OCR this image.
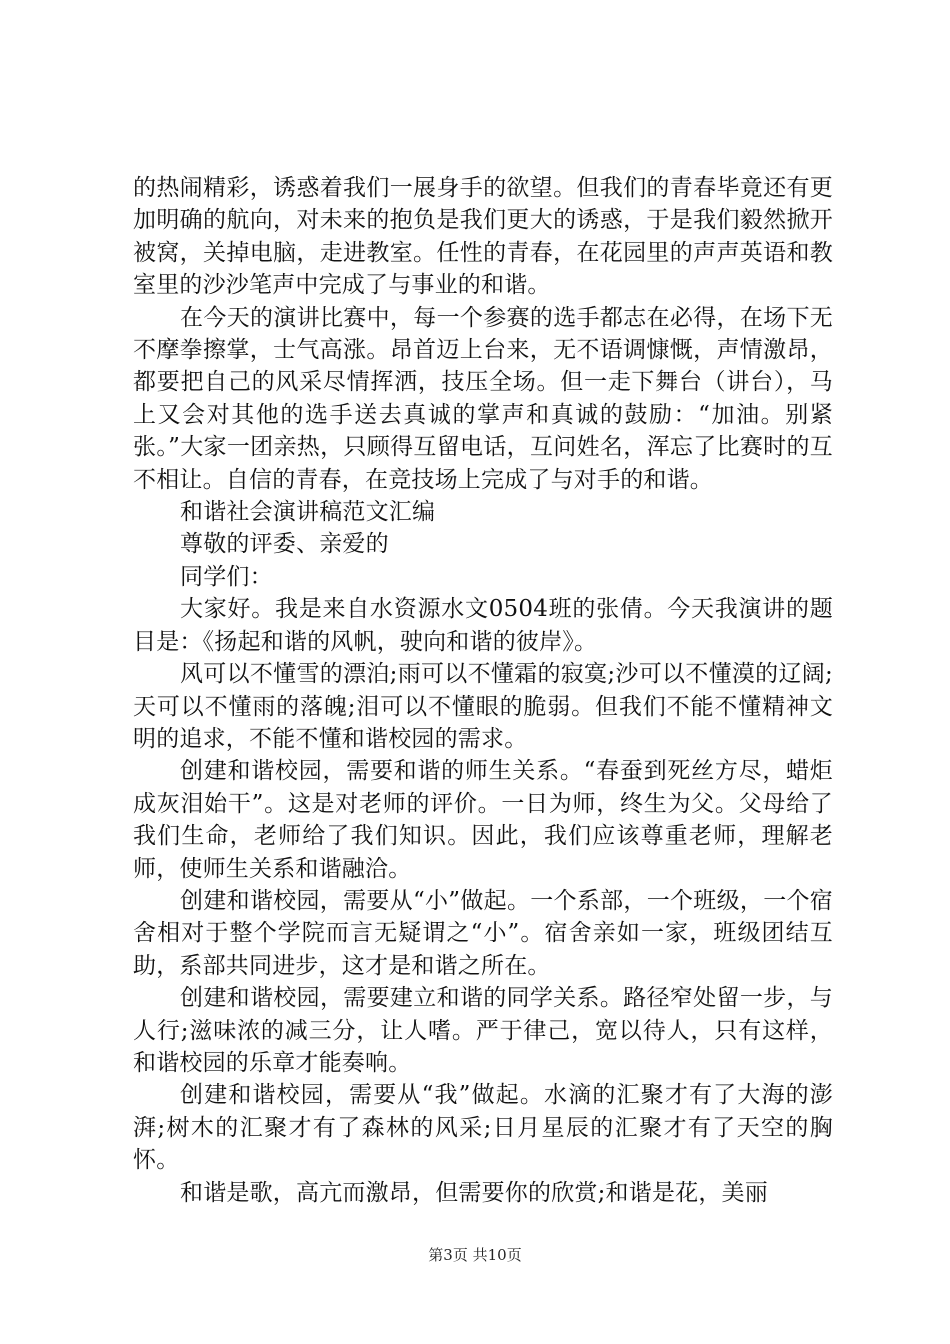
的热闹精彩，诱惑着我们一展身手的欲望。但我们的青春毕竟还有更加明确的航向，对未来的抱负是我们更大的诱惑，于是我们毅然掀开被窝，关掉电脑，走进教室。任性的青春，在花园里的声声英语和教室里的沙沙笔声中完成了与事业的和谐。

在今天的演讲比赛中，每一个参赛的选手都志在必得，在场下无不摩拳擦掌，士气高涨。昂首迈上台来，无不语调慷慨，声情激昂，都要把自己的风采尽情挥洒，技压全场。但一走下舞台（讲台），马上又会对其他的选手送去真诚的掌声和真诚的鼓励：“加油。别紧张。”大家一团亲热，只顾得互留电话，互问姓名，浑忘了比赛时的互不相让。自信的青春，在竞技场上完成了与对手的和谐。

和谐社会演讲稿范文汇编

尊敬的评委、亲爱的

同学们：

大家好。我是来自水资源水文0504班的张倩。今天我演讲的题目是：《扬起和谐的风帆，驶向和谐的彼岸》。

风可以不懂雪的漂泊;雨可以不懂霜的寂寞;沙可以不懂漠的辽阔;天可以不懂雨的落魄;泪可以不懂眼的脆弱。但我们不能不懂精神文明的追求，不能不懂和谐校园的需求。

创建和谐校园，需要和谐的师生关系。“春蚕到死丝方尽，蜡炬成灰泪始干”。这是对老师的评价。一日为师，终生为父。父母给了我们生命，老师给了我们知识。因此，我们应该尊重老师，理解老师，使师生关系和谐融洽。

创建和谐校园，需要从“小”做起。一个系部，一个班级，一个宿舍相对于整个学院而言无疑谓之“小”。宿舍亲如一家，班级团结互助，系部共同进步，这才是和谐之所在。

创建和谐校园，需要建立和谐的同学关系。路径窄处留一步，与人行;滋味浓的减三分，让人嗜。严于律己，宽以待人，只有这样，和谐校园的乐章才能奏响。

创建和谐校园，需要从“我”做起。水滴的汇聚才有了大海的澎湃;树木的汇聚才有了森林的风采;日月星辰的汇聚才有了天空的胸怀。

和谐是歌，高亢而激昂，但需要你的欣赏;和谐是花，美丽

第3页 共10页
